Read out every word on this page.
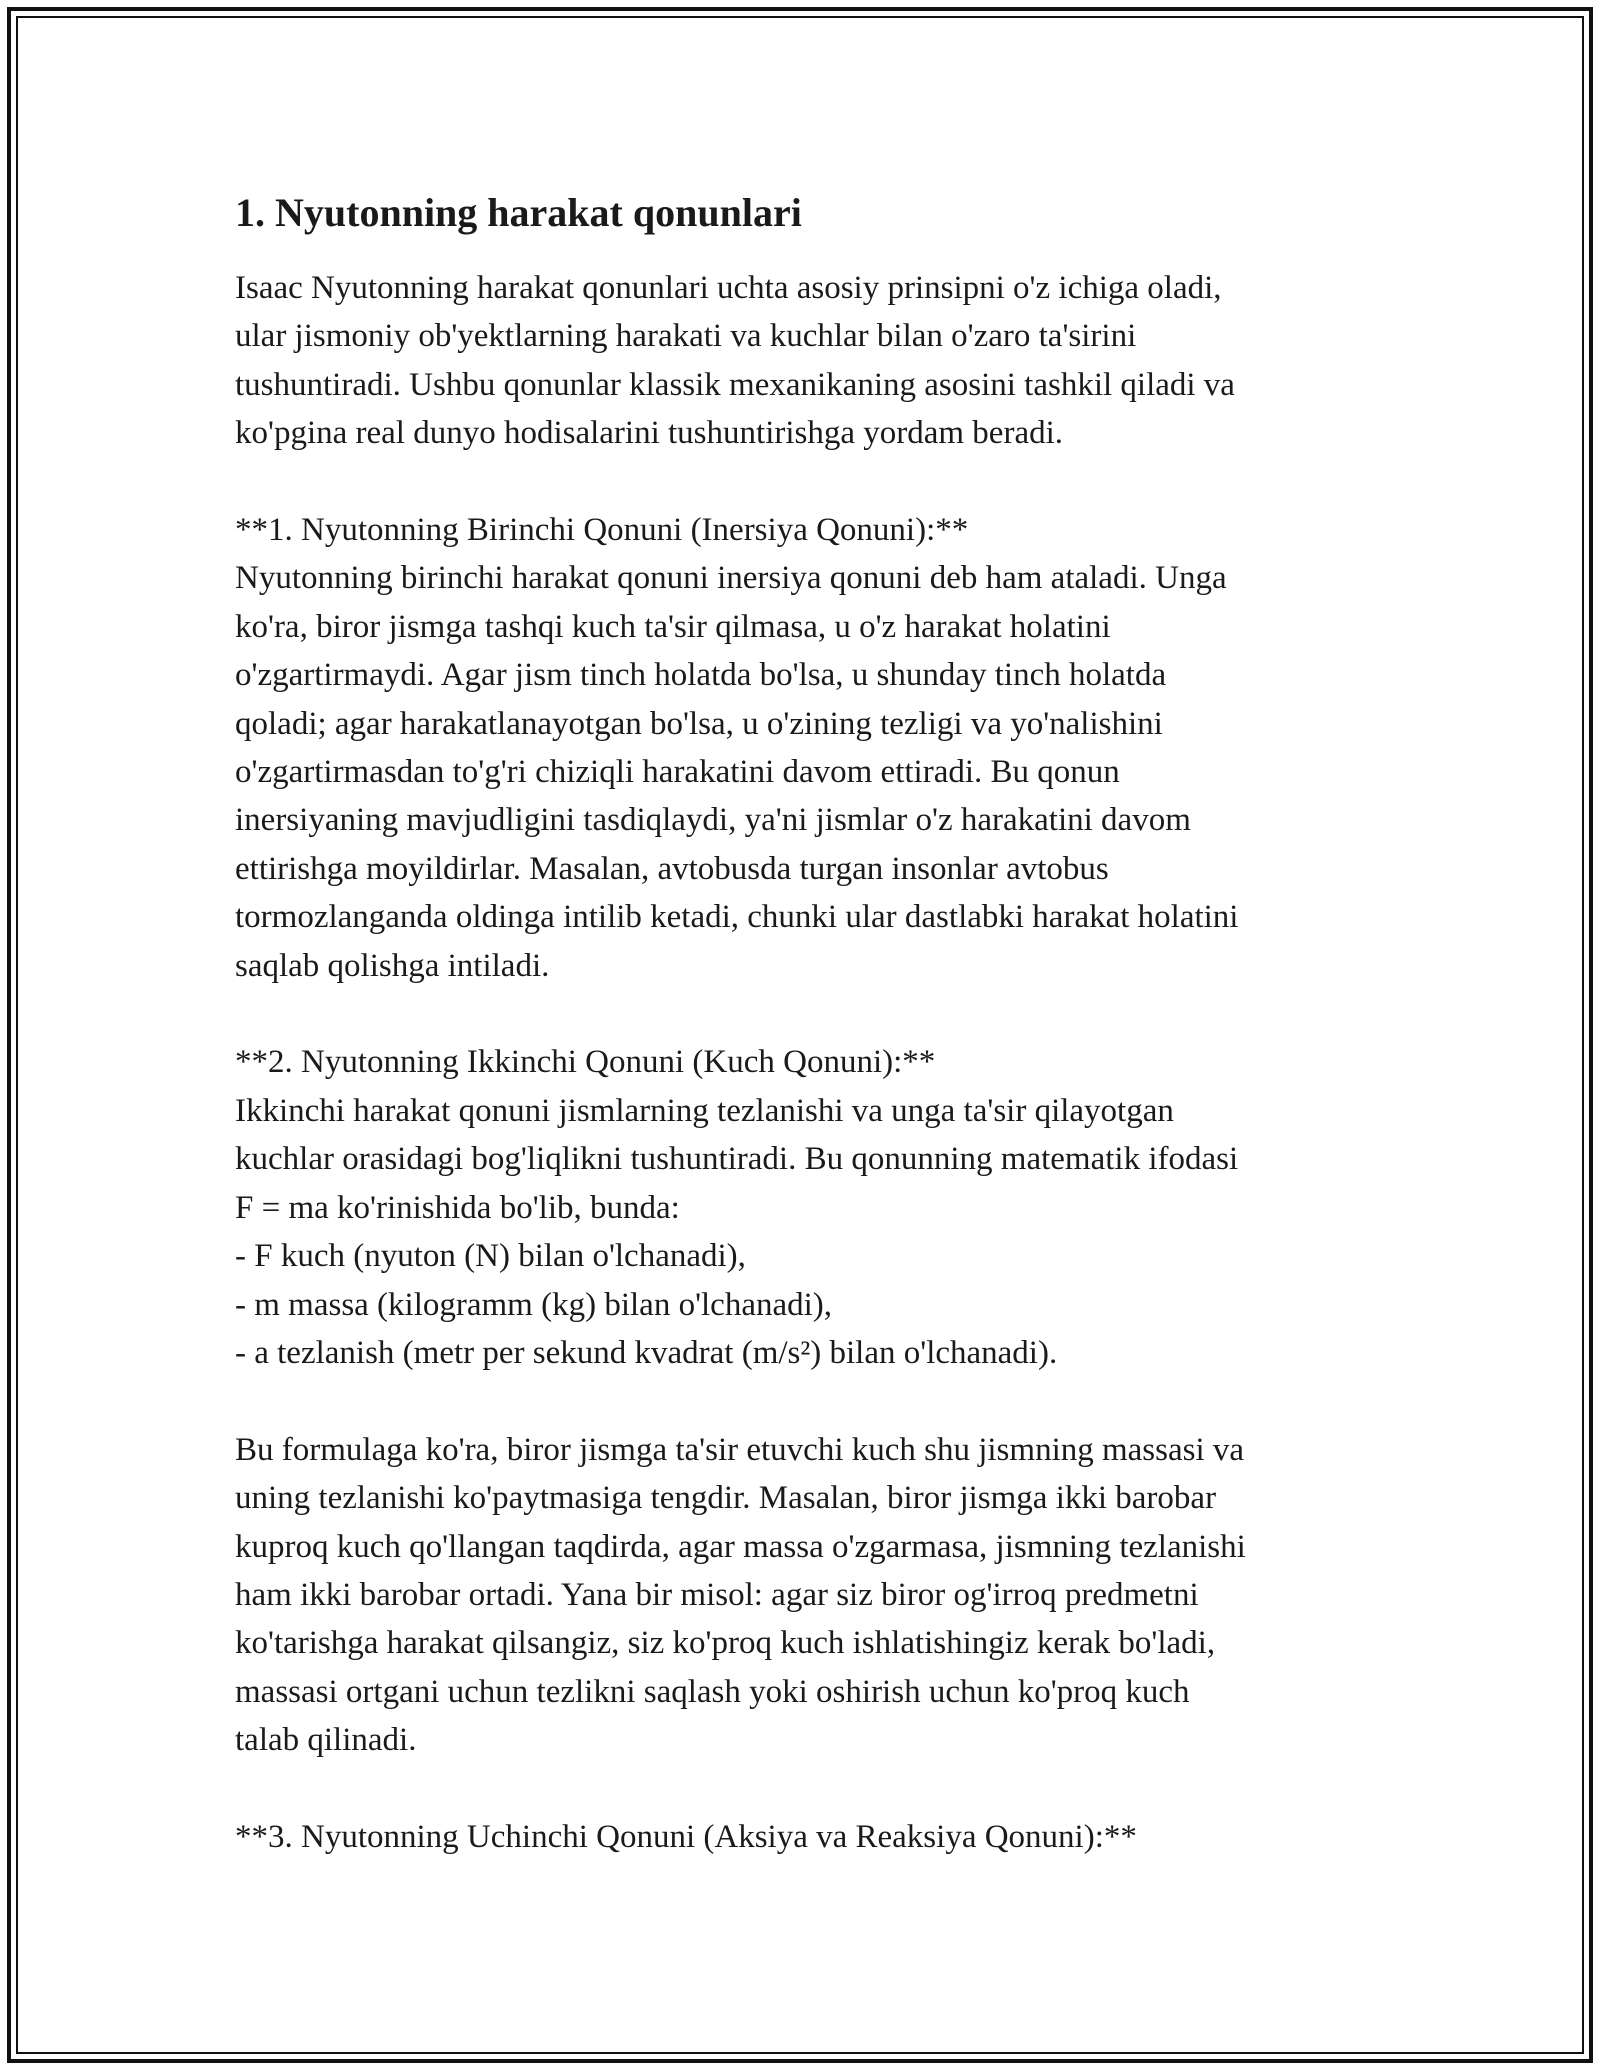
1. Nyutonning harakat qonunlari
Isaac Nyutonning harakat qonunlari uchta asosiy prinsipni o'z ichiga oladi,
ular jismoniy ob'yektlarning harakati va kuchlar bilan o'zaro ta'sirini
tushuntiradi. Ushbu qonunlar klassik mexanikaning asosini tashkil qiladi va
ko'pgina real dunyo hodisalarini tushuntirishga yordam beradi.
**1. Nyutonning Birinchi Qonuni (Inersiya Qonuni):**
Nyutonning birinchi harakat qonuni inersiya qonuni deb ham ataladi. Unga
ko'ra, biror jismga tashqi kuch ta'sir qilmasa, u o'z harakat holatini
o'zgartirmaydi. Agar jism tinch holatda bo'lsa, u shunday tinch holatda
qoladi; agar harakatlanayotgan bo'lsa, u o'zining tezligi va yo'nalishini
o'zgartirmasdan to'g'ri chiziqli harakatini davom ettiradi. Bu qonun
inersiyaning mavjudligini tasdiqlaydi, ya'ni jismlar o'z harakatini davom
ettirishga moyildirlar. Masalan, avtobusda turgan insonlar avtobus
tormozlanganda oldinga intilib ketadi, chunki ular dastlabki harakat holatini
saqlab qolishga intiladi.
**2. Nyutonning Ikkinchi Qonuni (Kuch Qonuni):**
Ikkinchi harakat qonuni jismlarning tezlanishi va unga ta'sir qilayotgan
kuchlar orasidagi bog'liqlikni tushuntiradi. Bu qonunning matematik ifodasi
F = ma ko'rinishida bo'lib, bunda:
- F kuch (nyuton (N) bilan o'lchanadi),
- m massa (kilogramm (kg) bilan o'lchanadi),
- a tezlanish (metr per sekund kvadrat (m/s²) bilan o'lchanadi).
Bu formulaga ko'ra, biror jismga ta'sir etuvchi kuch shu jismning massasi va
uning tezlanishi ko'paytmasiga tengdir. Masalan, biror jismga ikki barobar
kuproq kuch qo'llangan taqdirda, agar massa o'zgarmasa, jismning tezlanishi
ham ikki barobar ortadi. Yana bir misol: agar siz biror og'irroq predmetni
ko'tarishga harakat qilsangiz, siz ko'proq kuch ishlatishingiz kerak bo'ladi,
massasi ortgani uchun tezlikni saqlash yoki oshirish uchun ko'proq kuch
talab qilinadi.
**3. Nyutonning Uchinchi Qonuni (Aksiya va Reaksiya Qonuni):**
